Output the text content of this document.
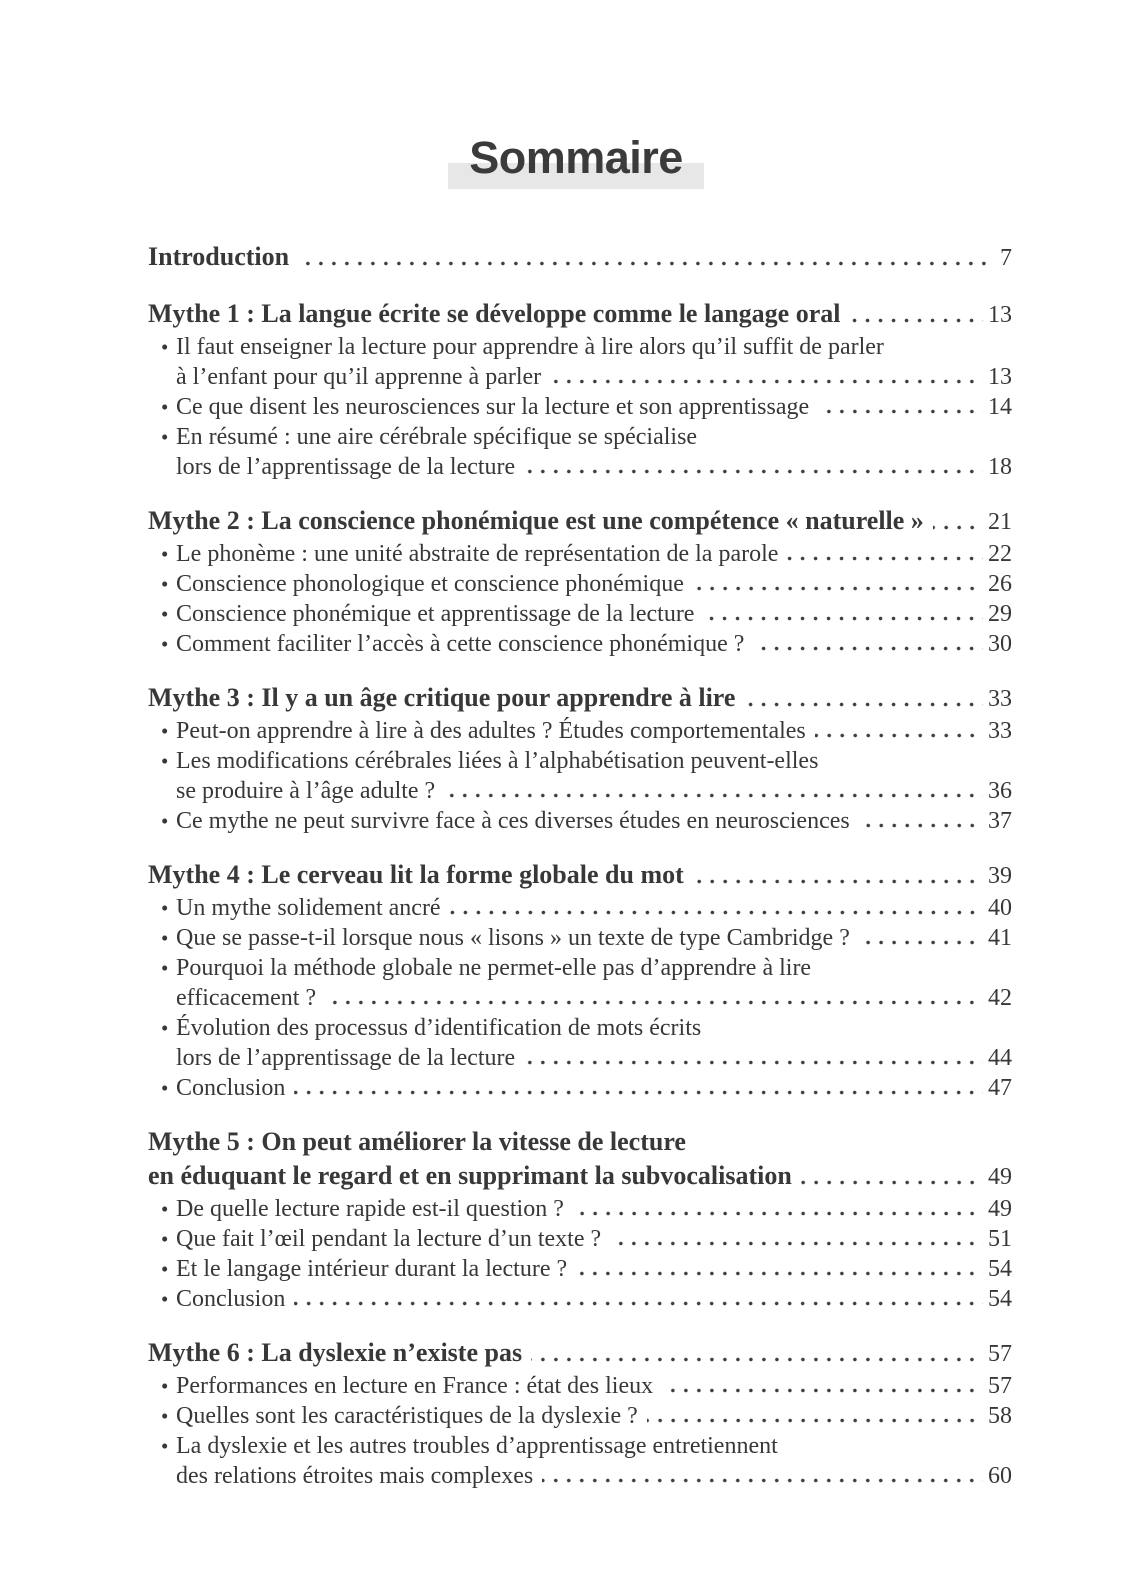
Sommaire
Introduction	7
Mythe 1 : La langue écrite se développe comme le langage oral	13
• Il faut enseigner la lecture pour apprendre à lire alors qu’il suffit de parler
à l’enfant pour qu’il apprenne à parler	13
• Ce que disent les neurosciences sur la lecture et son apprentissage	14
• En résumé : une aire cérébrale spécifique se spécialise
lors de l’apprentissage de la lecture	18
Mythe 2 : La conscience phonémique est une compétence « naturelle »	21
• Le phonème : une unité abstraite de représentation de la parole	22
• Conscience phonologique et conscience phonémique	26
• Conscience phonémique et apprentissage de la lecture	29
• Comment faciliter l’accès à cette conscience phonémique ?	30
Mythe 3 : Il y a un âge critique pour apprendre à lire	33
• Peut-on apprendre à lire à des adultes ? Études comportementales	33
• Les modifications cérébrales liées à l’alphabétisation peuvent-elles
se produire à l’âge adulte ?	36
• Ce mythe ne peut survivre face à ces diverses études en neurosciences	37
Mythe 4 : Le cerveau lit la forme globale du mot	39
• Un mythe solidement ancré	40
• Que se passe-t-il lorsque nous « lisons » un texte de type Cambridge ?	41
• Pourquoi la méthode globale ne permet-elle pas d’apprendre à lire
efficacement ?	42
• Évolution des processus d’identification de mots écrits
lors de l’apprentissage de la lecture	44
• Conclusion	47
Mythe 5 : On peut améliorer la vitesse de lecture
en éduquant le regard et en supprimant la subvocalisation	49
• De quelle lecture rapide est-il question ?	49
• Que fait l’œil pendant la lecture d’un texte ?	51
• Et le langage intérieur durant la lecture ?	54
• Conclusion	54
Mythe 6 : La dyslexie n’existe pas	57
• Performances en lecture en France : état des lieux	57
• Quelles sont les caractéristiques de la dyslexie ?	58
• La dyslexie et les autres troubles d’apprentissage entretiennent
des relations étroites mais complexes	60
